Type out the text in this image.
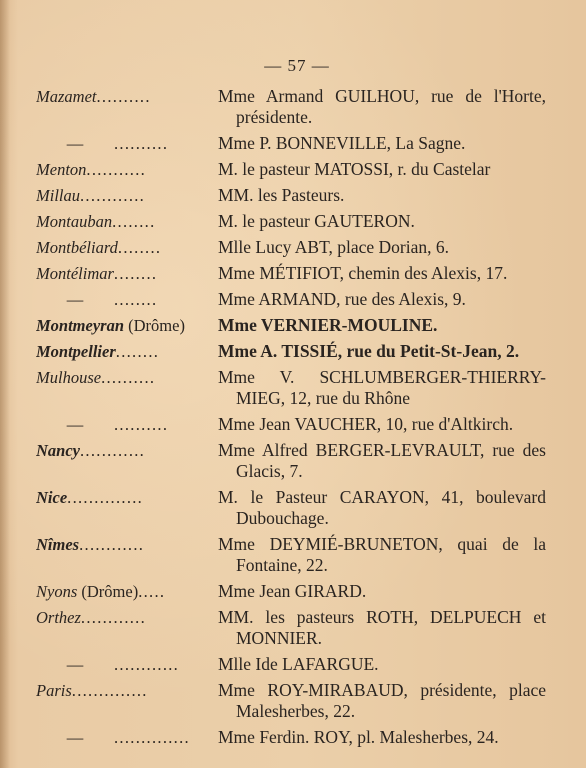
— 57 —
Mazamet..........	Mme Armand GUILHOU, rue de l'Horte, présidente.
— ..........	Mme P. BONNEVILLE, La Sagne.
Menton...........	M. le pasteur MATOSSI, r. du Castelar
Millau............	MM. les Pasteurs.
Montauban........	M. le pasteur GAUTERON.
Montbéliard........	Mlle Lucy ABT, place Dorian, 6.
Montélimar........	Mme MÉTIFIOT, chemin des Alexis, 17.
— ........	Mme ARMAND, rue des Alexis, 9.
Montmeyran (Drôme)	Mme VERNIER-MOULINE.
Montpellier........	Mme A. TISSIÉ, rue du Petit-St-Jean, 2.
Mulhouse..........	Mme V. SCHLUMBERGER-THIERRY-MIEG, 12, rue du Rhône
— ..........	Mme Jean VAUCHER, 10, rue d'Altkirch.
Nancy............	Mme Alfred BERGER-LEVRAULT, rue des Glacis, 7.
Nice..............	M. le Pasteur CARAYON, 41, boulevard Dubouchage.
Nîmes............	Mme DEYMIÉ-BRUNETON, quai de la Fontaine, 22.
Nyons (Drôme).....	Mme Jean GIRARD.
Orthez............	MM. les pasteurs ROTH, DELPUECH et MONNIER.
— ............	Mlle Ide LAFARGUE.
Paris..............	Mme ROY-MIRABAUD, présidente, place Malesherbes, 22.
— ..............	Mme Ferdin. ROY, pl. Malesherbes, 24.
